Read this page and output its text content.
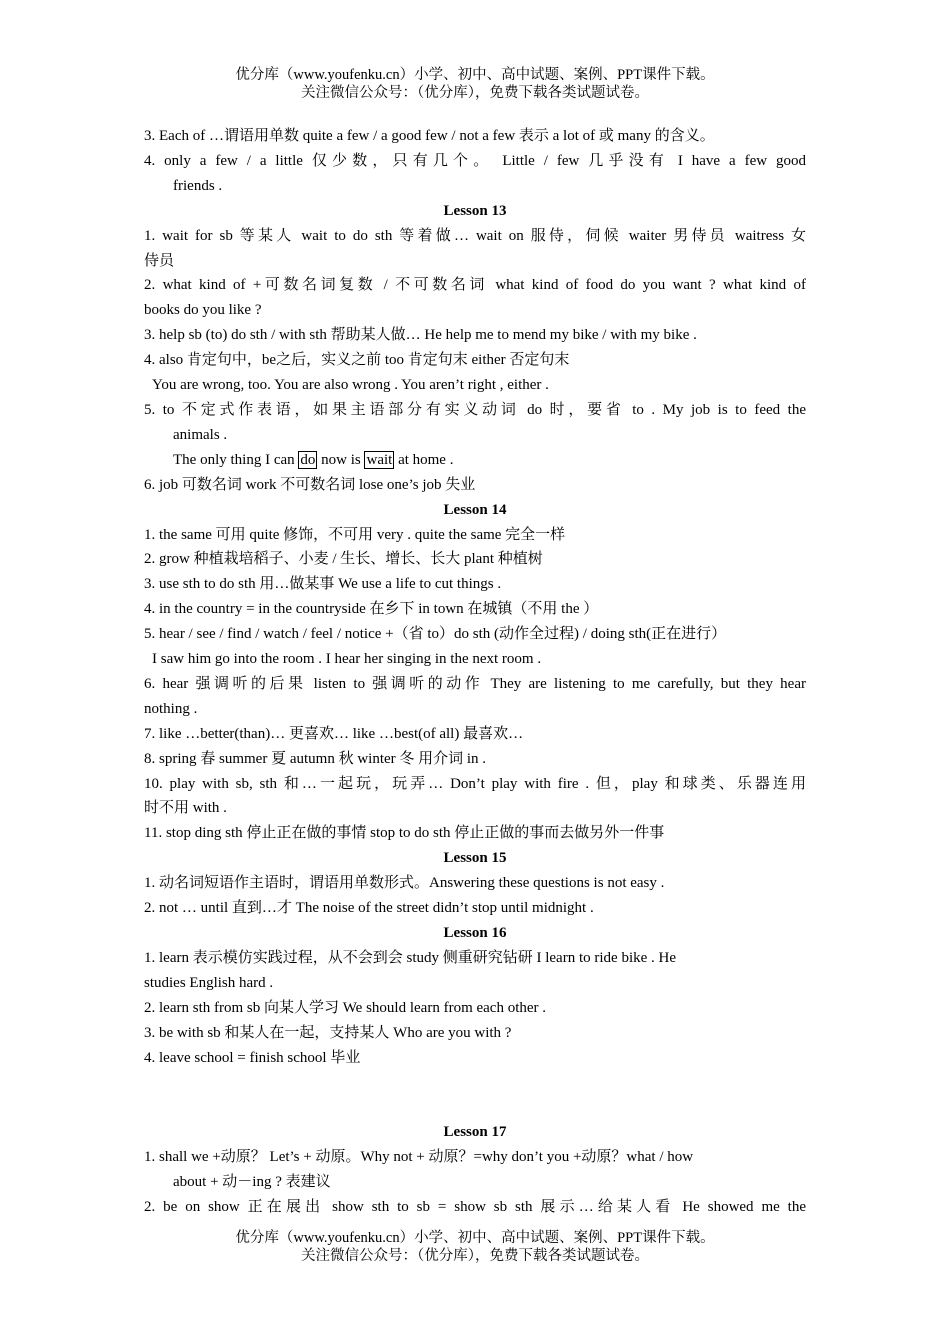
优分库（www.youfenku.cn）小学、初中、高中试题、案例、PPT课件下载。
关注微信公众号：（优分库），免费下载各类试题试卷。
3. Each of …谓语用单数 quite a few / a good few / not a few 表示 a lot of 或 many 的含义。
4. only a few / a little 仅少数，只有几个。 Little / few 几乎没有 I have a few good
friends .
Lesson 13
1. wait for sb 等某人 wait to do sth 等着做… wait on 服侍，伺候 waiter 男侍员 waitress 女
侍员
2. what kind of +可数名词复数 / 不可数名词 what kind of food do you want ? what kind of
books do you like ?
3. help sb (to) do sth / with sth 帮助某人做… He help me to mend my bike / with my bike .
4. also 肯定句中，be之后，实义之前 too 肯定句末 either 否定句末
You are wrong, too. You are also wrong . You aren’t right , either .
5. to 不定式作表语，如果主语部分有实义动词 do 时，要省 to . My job is to feed the
animals .
The only thing I can do now is wait at home .
6. job 可数名词 work 不可数名词 lose one’s job 失业
Lesson 14
1. the same 可用 quite 修饰，不可用 very . quite the same 完全一样
2. grow 种植栽培稻子、小麦 / 生长、增长、长大 plant 种植树
3. use sth to do sth 用…做某事 We use a life to cut things .
4. in the country = in the countryside 在乡下 in town 在城镇（不用 the ）
5. hear / see / find / watch / feel / notice +（省 to）do sth (动作全过程) / doing sth(正在进行）
I saw him go into the room . I hear her singing in the next room .
6. hear 强调听的后果 listen to 强调听的动作 They are listening to me carefully, but they hear
nothing .
7. like …better(than)… 更喜欢… like …best(of all) 最喜欢…
8. spring 春 summer 夏 autumn 秋 winter 冬 用介词 in .
10. play with sb, sth 和…一起玩，玩弄… Don’t play with fire . 但，play 和球类、乐器连用
时不用 with .
11. stop ding sth 停止正在做的事情 stop to do sth 停止正做的事而去做另外一件事
Lesson 15
1. 动名词短语作主语时，谓语用单数形式。Answering these questions is not easy .
2. not … until 直到…才 The noise of the street didn’t stop until midnight .
Lesson 16
1. learn 表示模仿实践过程，从不会到会 study 侧重研究钻研 I learn to ride bike . He
studies English hard .
2. learn sth from sb 向某人学习 We should learn from each other .
3. be with sb 和某人在一起，支持某人 Who are you with ?
4. leave school = finish school 毕业
Lesson 17
1. shall we +动原？ Let’s + 动原。Why not + 动原？=why don’t you +动原？what / how
about + 动－ing ? 表建议
2. be on show 正在展出 show sth to sb = show sb sth 展示…给某人看 He showed me the
优分库（www.youfenku.cn）小学、初中、高中试题、案例、PPT课件下载。
关注微信公众号：（优分库），免费下载各类试题试卷。
